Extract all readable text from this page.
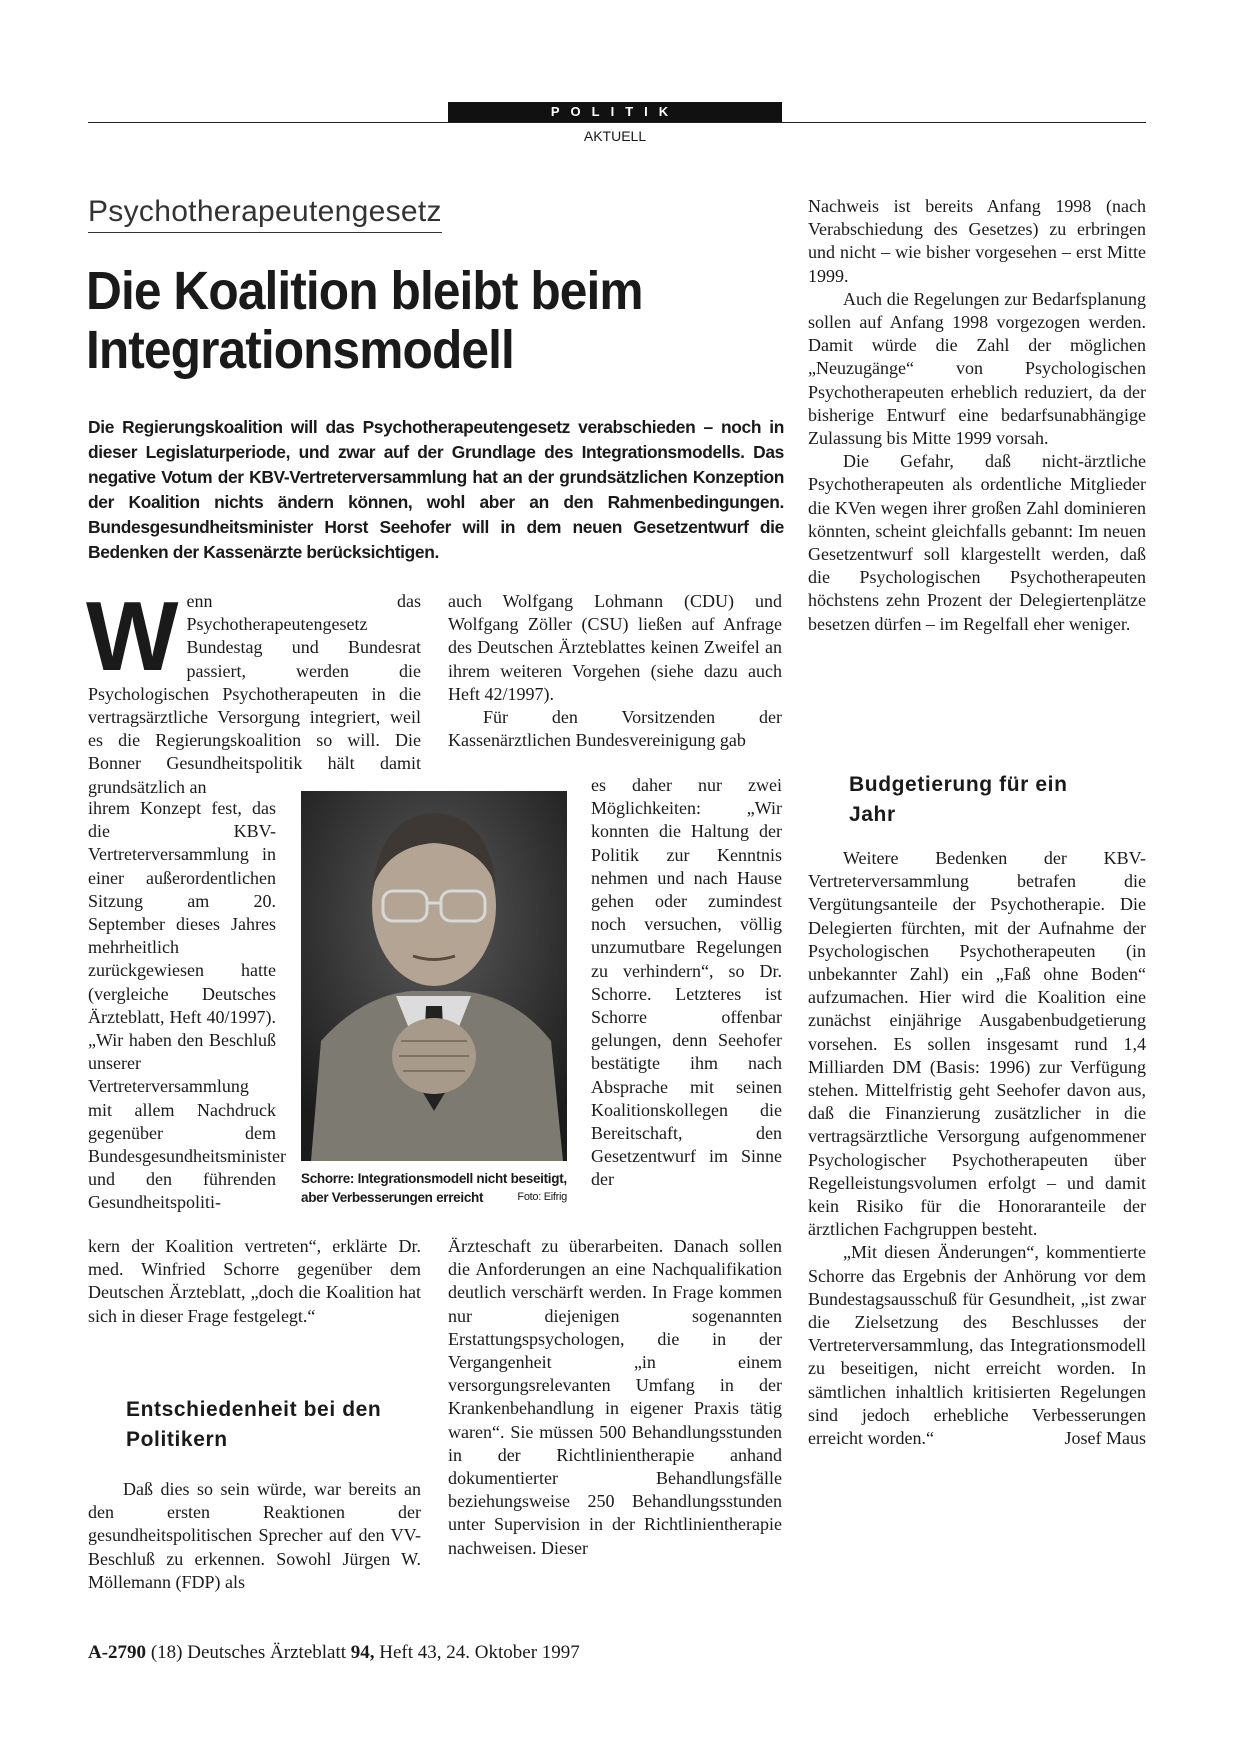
POLITIK
AKTUELL
Psychotherapeutengesetz
Die Koalition bleibt beim Integrationsmodell

Die Regierungskoalition will das Psychotherapeutengesetz verabschieden – noch in dieser Legislaturperiode, und zwar auf der Grundlage des Integrationsmodells. Das negative Votum der KBV-Vertreterversammlung hat an der grundsätzlichen Konzeption der Koalition nichts ändern können, wohl aber an den Rahmenbedingungen. Bundesgesundheitsminister Horst Seehofer will in dem neuen Gesetzentwurf die Bedenken der Kassenärzte berücksichtigen.

W enn das Psychotherapeutengesetz Bundestag und Bundesrat passiert, werden die Psychologischen Psychotherapeuten in die vertragsärztliche Versorgung integriert, weil es die Regierungskoalition so will. Die Bonner Gesundheitspolitik hält damit grundsätzlich an

ihrem Konzept fest, das die KBV-Vertreterversammlung in einer außerordentlichen Sitzung am 20. September dieses Jahres mehrheitlich zurückgewiesen hatte (vergleiche Deutsches Ärzteblatt, Heft 40/1997). „Wir haben den Beschluß unserer Vertreterversammlung mit allem Nachdruck gegenüber dem Bundesgesundheitsminister und den führenden Gesundheitspoliti-

kern der Koalition vertreten“, erklärte Dr. med. Winfried Schorre gegenüber dem Deutschen Ärzteblatt, „doch die Koalition hat sich in dieser Frage festgelegt.“

Entschiedenheit bei den Politikern

Daß dies so sein würde, war bereits an den ersten Reaktionen der gesundheitspolitischen Sprecher auf den VV-Beschluß zu erkennen. Sowohl Jürgen W. Möllemann (FDP) als

auch Wolfgang Lohmann (CDU) und Wolfgang Zöller (CSU) ließen auf Anfrage des Deutschen Ärzteblattes keinen Zweifel an ihrem weiteren Vorgehen (siehe dazu auch Heft 42/1997).

Für den Vorsitzenden der Kassenärztlichen Bundesvereinigung gab

es daher nur zwei Möglichkeiten: „Wir konnten die Haltung der Politik zur Kenntnis nehmen und nach Hause gehen oder zumindest noch versuchen, völlig unzumutbare Regelungen zu verhindern“, so Dr. Schorre. Letzteres ist Schorre offenbar gelungen, denn Seehofer bestätigte ihm nach Absprache mit seinen Koalitionskollegen die Bereitschaft, den Gesetzentwurf im Sinne der

Ärzteschaft zu überarbeiten. Danach sollen die Anforderungen an eine Nachqualifikation deutlich verschärft werden. In Frage kommen nur diejenigen sogenannten Erstattungspsychologen, die in der Vergangenheit „in einem versorgungsrelevanten Umfang in der Krankenbehandlung in eigener Praxis tätig waren“. Sie müssen 500 Behandlungsstunden in der Richtlinientherapie anhand dokumentierter Behandlungsfälle beziehungsweise 250 Behandlungsstunden unter Supervision in der Richtlinientherapie nachweisen. Dieser

Schorre: Integrationsmodell nicht beseitigt, aber Verbesserungen erreicht	Foto: Eifrig

Nachweis ist bereits Anfang 1998 (nach Verabschiedung des Gesetzes) zu erbringen und nicht – wie bisher vorgesehen – erst Mitte 1999.

Auch die Regelungen zur Bedarfsplanung sollen auf Anfang 1998 vorgezogen werden. Damit würde die Zahl der möglichen „Neuzugänge“ von Psychologischen Psychotherapeuten erheblich reduziert, da der bisherige Entwurf eine bedarfsunabhängige Zulassung bis Mitte 1999 vorsah.

Die Gefahr, daß nicht-ärztliche Psychotherapeuten als ordentliche Mitglieder die KVen wegen ihrer großen Zahl dominieren könnten, scheint gleichfalls gebannt: Im neuen Gesetzentwurf soll klargestellt werden, daß die Psychologischen Psychotherapeuten höchstens zehn Prozent der Delegiertenplätze besetzen dürfen – im Regelfall eher weniger.

Budgetierung für ein Jahr

Weitere Bedenken der KBV-Vertreterversammlung betrafen die Vergütungsanteile der Psychotherapie. Die Delegierten fürchten, mit der Aufnahme der Psychologischen Psychotherapeuten (in unbekannter Zahl) ein „Faß ohne Boden“ aufzumachen. Hier wird die Koalition eine zunächst einjährige Ausgabenbudgetierung vorsehen. Es sollen insgesamt rund 1,4 Milliarden DM (Basis: 1996) zur Verfügung stehen. Mittelfristig geht Seehofer davon aus, daß die Finanzierung zusätzlicher in die vertragsärztliche Versorgung aufgenommener Psychologischer Psychotherapeuten über Regelleistungsvolumen erfolgt – und damit kein Risiko für die Honoraranteile der ärztlichen Fachgruppen besteht.

„Mit diesen Änderungen“, kommentierte Schorre das Ergebnis der Anhörung vor dem Bundestagsausschuß für Gesundheit, „ist zwar die Zielsetzung des Beschlusses der Vertreterversammlung, das Integrationsmodell zu beseitigen, nicht erreicht worden. In sämtlichen inhaltlich kritisierten Regelungen sind jedoch erhebliche Verbesserungen erreicht worden.“	Josef Maus

A-2790 (18) Deutsches Ärzteblatt 94, Heft 43, 24. Oktober 1997
